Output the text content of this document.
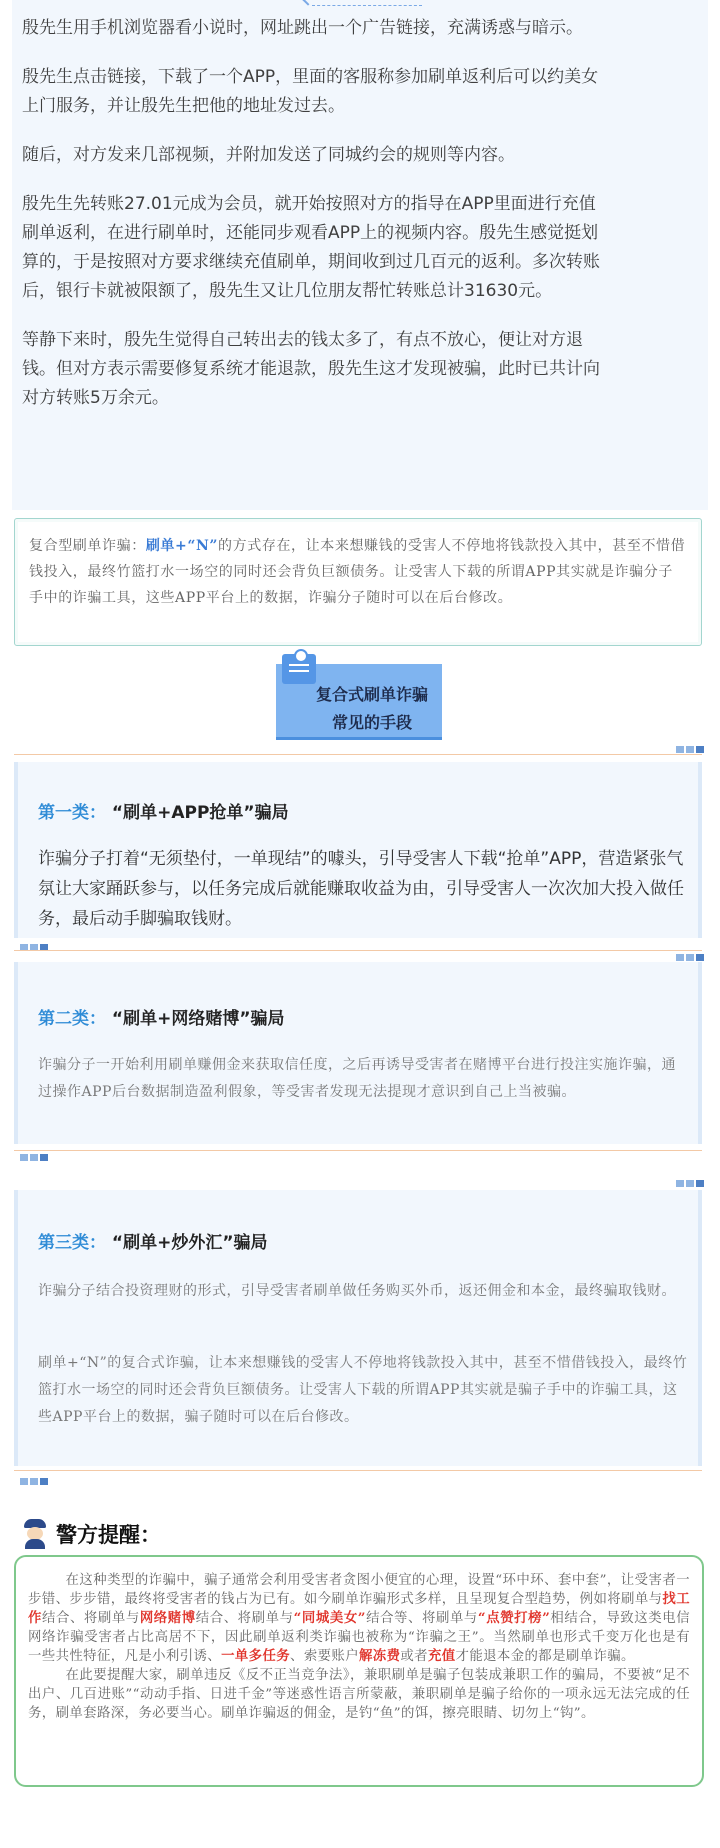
殷先生用手机浏览器看小说时，网址跳出一个广告链接，充满诱惑与暗示。

殷先生点击链接，下载了一个APP，里面的客服称参加刷单返利后可以约美女上门服务，并让殷先生把他的地址发过去。

随后，对方发来几部视频，并附加发送了同城约会的规则等内容。

殷先生先转账27.01元成为会员，就开始按照对方的指导在APP里面进行充值刷单返利，在进行刷单时，还能同步观看APP上的视频内容。殷先生感觉挺划算的，于是按照对方要求继续充值刷单，期间收到过几百元的返利。多次转账后，银行卡就被限额了，殷先生又让几位朋友帮忙转账总计31630元。

等静下来时，殷先生觉得自己转出去的钱太多了，有点不放心，便让对方退钱。但对方表示需要修复系统才能退款，殷先生这才发现被骗，此时已共计向对方转账5万余元。

复合型刷单诈骗：刷单+“N”的方式存在，让本来想赚钱的受害人不停地将钱款投入其中，甚至不惜借钱投入，最终竹篮打水一场空的同时还会背负巨额债务。让受害人下载的所谓APP其实就是诈骗分子手中的诈骗工具，这些APP平台上的数据，诈骗分子随时可以在后台修改。

复合式刷单诈骗
常见的手段
第一类： “刷单+APP抢单”骗局
诈骗分子打着“无须垫付，一单现结”的噱头，引导受害人下载“抢单”APP，营造紧张气氛让大家踊跃参与，以任务完成后就能赚取收益为由，引导受害人一次次加大投入做任务，最后动手脚骗取钱财。
第二类： “刷单+网络赌博”骗局
诈骗分子一开始利用刷单赚佣金来获取信任度，之后再诱导受害者在赌博平台进行投注实施诈骗，通过操作APP后台数据制造盈利假象，等受害者发现无法提现才意识到自己上当被骗。
第三类： “刷单+炒外汇”骗局
诈骗分子结合投资理财的形式，引导受害者刷单做任务购买外币，返还佣金和本金，最终骗取钱财。
刷单+“N”的复合式诈骗，让本来想赚钱的受害人不停地将钱款投入其中，甚至不惜借钱投入，最终竹篮打水一场空的同时还会背负巨额债务。让受害人下载的所谓APP其实就是骗子手中的诈骗工具，这些APP平台上的数据，骗子随时可以在后台修改。
警方提醒：

在这种类型的诈骗中，骗子通常会利用受害者贪图小便宜的心理，设置“环中环、套中套”，让受害者一步错、步步错，最终将受害者的钱占为已有。如今刷单诈骗形式多样，且呈现复合型趋势，例如将刷单与找工作结合、将刷单与网络赌博结合、将刷单与“同城美女”结合等、将刷单与“点赞打榜”相结合，导致这类电信网络诈骗受害者占比高居不下，因此刷单返利类诈骗也被称为“诈骗之王”。当然刷单也形式千变万化也是有一些共性特征，凡是小利引诱、一单多任务、索要账户解冻费或者充值才能退本金的都是刷单诈骗。

在此要提醒大家，刷单违反《反不正当竞争法》，兼职刷单是骗子包装成兼职工作的骗局，不要被“足不出户、几百进账”“动动手指、日进千金”等迷惑性语言所蒙蔽，兼职刷单是骗子给你的一项永远无法完成的任务，刷单套路深，务必要当心。刷单诈骗返的佣金，是钓“鱼”的饵，擦亮眼睛、切勿上“钩”。
